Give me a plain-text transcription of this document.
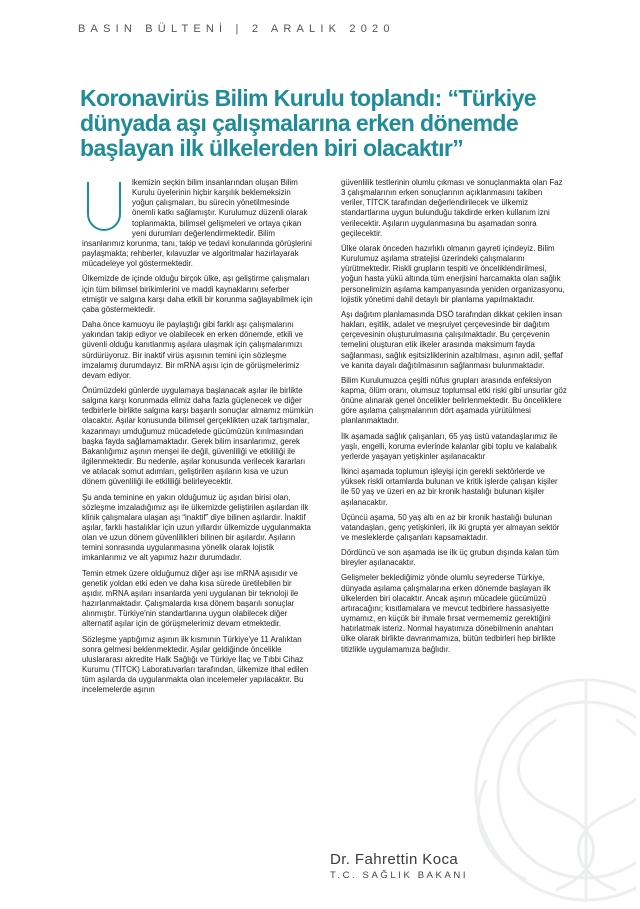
BASIN BÜLTENİ | 2 ARALIK 2020
Koronavirüs Bilim Kurulu toplandı: “Türkiye
dünyada aşı çalışmalarına erken dönemde
başlayan ilk ülkelerden biri olacaktır”

lkemizin seçkin bilim insanlarından oluşan Bilim Kurulu üyelerinin hiçbir karşılık beklemeksizin yoğun çalışmaları, bu sürecin yönetilmesinde önemli katkı sağlamıştır. Kurulumuz düzenli olarak toplanmakta, bilimsel gelişmeleri ve ortaya çıkan yeni durumları değerlendirmektedir. Bilim insanlarımız korunma, tanı, takip ve tedavi konularında görüşlerini paylaşmakta; rehberler, kılavuzlar ve algoritmalar hazırlayarak mücadeleye yol göstermektedir.

Ülkemizde de içinde olduğu birçok ülke, aşı geliştirme çalışmaları için tüm bilimsel birikimlerini ve maddi kaynaklarını seferber etmiştir ve salgına karşı daha etkili bir korunma sağlayabilmek için çaba göstermektedir.

Daha önce kamuoyu ile paylaştığı gibi farklı aşı çalışmalarını yakından takip ediyor ve olabilecek en erken dönemde, etkili ve güvenli olduğu kanıtlanmış aşılara ulaşmak için çalışmalarımızı sürdürüyoruz. Bir inaktif virüs aşısının temini için sözleşme imzalamış durumdayız. Bir mRNA aşısı için de görüşmelerimiz devam ediyor.

Önümüzdeki günlerde uygulamaya başlanacak aşılar ile birlikte salgına karşı korunmada elimiz daha fazla güçlenecek ve diğer tedbirlerle birlikte salgına karşı başarılı sonuçlar almamız mümkün olacaktır. Aşılar konusunda bilimsel gerçeklikten uzak tartışmalar, kazanmayı umduğumuz mücadelede gücümüzün kırılmasından başka fayda sağlamamaktadır. Gerek bilim insanlarımız, gerek Bakanlığımız aşının menşei ile değil, güvenliliği ve etkililiği ile ilgilenmektedir. Bu nedenle, aşılar konusunda verilecek kararları ve atılacak somut adımları, geliştirilen aşıların kısa ve uzun dönem güvenliliği ile etkililiği belirleyecektir.

Şu anda teminine en yakın olduğumuz üç aşıdan birisi olan, sözleşme imzaladığımız aşı ile ülkemizde geliştirilen aşılardan ilk klinik çalışmalara ulaşan aşı “inaktif” diye bilinen aşılardır. İnaktif aşılar, farklı hastalıklar için uzun yıllardır ülkemizde uygulanmakta olan ve uzun dönem güvenlilikleri bilinen bir aşılardır. Aşıların temini sonrasında uygulanmasına yönelik olarak lojistik imkanlarımız ve alt yapımız hazır durumdadır.

Temin etmek üzere olduğumuz diğer aşı ise mRNA aşısıdır ve genetik yoldan etki eden ve daha kısa sürede üretilebilen bir aşıdır. mRNA aşıları insanlarda yeni uygulanan bir teknoloji ile hazırlanmaktadır. Çalışmalarda kısa dönem başarılı sonuçlar alınmıştır. Türkiye'nin standartlarına uygun olabilecek diğer alternatif aşılar için de görüşmelerimiz devam etmektedir.

Sözleşme yaptığımız aşının ilk kısmının Türkiye'ye 11 Aralıktan sonra gelmesi beklenmektedir. Aşılar geldiğinde öncelikle uluslararası akredite Halk Sağlığı ve Türkiye İlaç ve Tıbbi Cihaz Kurumu (TİTCK) Laboratuvarları tarafından, ülkemize ithal edilen tüm aşılarda da uygulanmakta olan incelemeler yapılacaktır. Bu incelemelerde aşının

güvenlilik testlerinin olumlu çıkması ve sonuçlanmakta olan Faz 3 çalışmalarının erken sonuçlarının açıklanmasını takiben veriler, TİTCK tarafından değerlendirilecek ve ülkemiz standartlarına uygun bulunduğu takdirde erken kullanım izni verilecektir. Aşıların uygulanmasına bu aşamadan sonra geçilecektir.

Ülke olarak önceden hazırlıklı olmanın gayreti içindeyiz. Bilim Kurulumuz aşılama stratejisi üzerindeki çalışmalarını yürütmektedir. Riskli grupların tespiti ve önceliklendirilmesi, yoğun hasta yükü altında tüm enerjisini harcamakta olan sağlık personelimizin aşılama kampanyasında yeniden organizasyonu, lojistik yönetimi dahil detaylı bir planlama yapılmaktadır.

Aşı dağıtım planlamasında DSÖ tarafından dikkat çekilen insan hakları, eşitlik, adalet ve meşruiyet çerçevesinde bir dağıtım çerçevesinin oluşturulmasına çalışılmaktadır. Bu çerçevenin temelini oluşturan etik ilkeler arasında maksimum fayda sağlanması, sağlık eşitsizliklerinin azaltılması, aşının adil, şeffaf ve kanıta dayalı dağıtılmasının sağlanması bulunmaktadır.

Bilim Kurulumuzca çeşitli nüfus grupları arasında enfeksiyon kapma, ölüm oranı, olumsuz toplumsal etki riski gibi unsurlar göz önüne alınarak genel öncelikler belirlenmektedir. Bu önceliklere göre aşılama çalışmalarının dört aşamada yürütülmesi planlanmaktadır.

İlk aşamada sağlık çalışanları, 65 yaş üstü vatandaşlarımız ile yaşlı, engelli, koruma evlerinde kalanlar gibi toplu ve kalabalık yerlerde yaşayan yetişkinler aşılanacaktır

İkinci aşamada toplumun işleyişi için gerekli sektörlerde ve yüksek riskli ortamlarda bulunan ve kritik işlerde çalışan kişiler ile 50 yaş ve üzeri en az bir kronik hastalığı bulunan kişiler aşılanacaktır.

Üçüncü aşama, 50 yaş altı en az bir kronik hastalığı bulunan vatandaşları, genç yetişkinleri, ilk iki grupta yer almayan sektör ve mesleklerde çalışanları kapsamaktadır.

Dördüncü ve son aşamada ise ilk üç grubun dışında kalan tüm bireyler aşılanacaktır.

Gelişmeler beklediğimiz yönde olumlu seyrederse Türkiye, dünyada aşılama çalışmalarına erken dönemde başlayan ilk ülkelerden biri olacaktır. Ancak aşının mücadele gücümüzü artıracağını; kısıtlamalara ve mevcut tedbirlere hassasiyette uymamız, en küçük bir ihmale fırsat vermememiz gerektiğini hatırlatmak isteriz. Normal hayatımıza dönebilmenin anahtarı ülke olarak birlikte davranmamıza, bütün tedbirleri hep birlikte titizlikle uygulamamıza bağlıdır.

Dr. Fahrettin Koca
T.C. SAĞLIK BAKANI
